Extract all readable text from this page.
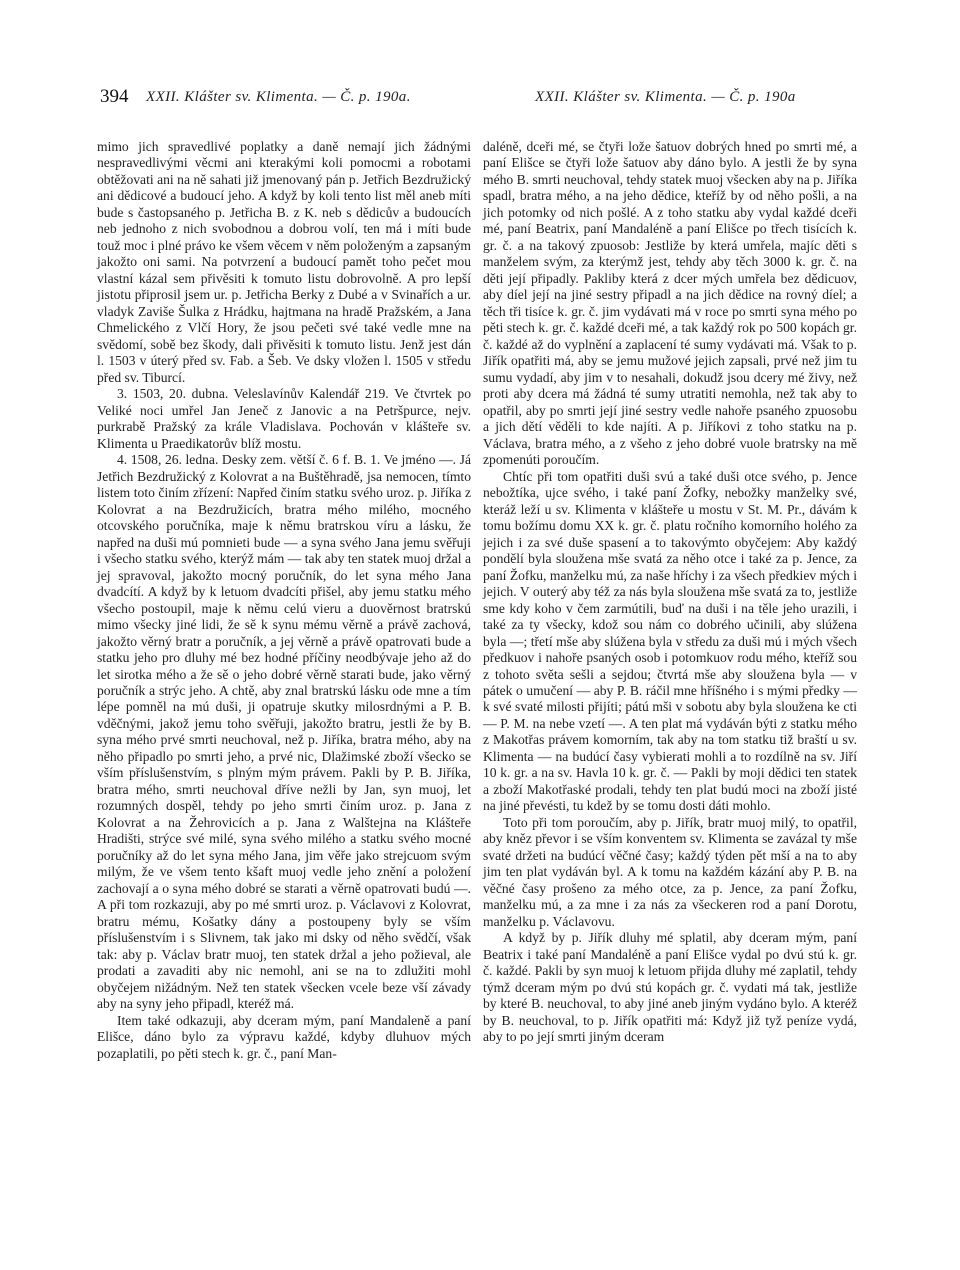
394 XXII. Klášter sv. Klimenta. — Č. p. 190a.	XXII. Klášter sv. Klimenta. — Č. p. 190a

mimo jich spravedlivé poplatky a daně nemají jich žádnými nespravedlivými věcmi ani kterakými koli pomocmi a robotami obtěžovati ani na ně sahati již jmenovaný pán p. Jetřich Bezdružický ani dědicové a budoucí jeho. A když by koli tento list měl aneb míti bude s častopsaného p. Jetřicha B. z K. neb s dědicův a budoucích neb jednoho z nich svobodnou a dobrou volí, ten má i míti bude touž moc i plné právo ke všem věcem v něm položeným a zapsaným jakožto oni sami. Na potvrzení a budoucí pamět toho pečet mou vlastní kázal sem přivěsiti k tomuto listu dobrovolně. A pro lepší jistotu připrosil jsem ur. p. Jetřicha Berky z Dubé a v Svinařích a ur. vladyk Zaviše Šulka z Hrádku, hajtmana na hradě Pražském, a Jana Chmelického z Vlčí Hory, že jsou pečeti své také vedle mne na svědomí, sobě bez škody, dali přivěsiti k tomuto listu. Jenž jest dán l. 1503 v úterý před sv. Fab. a Šeb. Ve dsky vložen l. 1505 v středu před sv. Tiburcí.

3. 1503, 20. dubna. Veleslavínův Kalendář 219. Ve čtvrtek po Veliké noci umřel Jan Jeneč z Janovic a na Petršpurce, nejv. purkrabě Pražský za krále Vladislava. Pochován v klášteře sv. Klimenta u Praedikatorův blíž mostu.

4. 1508, 26. ledna. Desky zem. větší č. 6 f. B. 1. Ve jméno —. Já Jetřich Bezdružický z Kolovrat a na Buštěhradě, jsa nemocen, tímto listem toto činím zřízení: Napřed činím statku svého uroz. p. Jiříka z Kolovrat a na Bezdružicích, bratra mého milého, mocného otcovského poručníka, maje k němu bratrskou víru a lásku, že napřed na duši mú pomnieti bude — a syna svého Jana jemu svěřuji i všecho statku svého, kterýž mám — tak aby ten statek muoj držal a jej spravoval, jakožto mocný poručník, do let syna mého Jana dvadcítí. A když by k letuom dvadcíti přišel, aby jemu statku mého všecho postoupil, maje k němu celú vieru a duověrnost bratrskú mimo všecky jiné lidi, že sě k synu mému věrně a právě zachová, jakožto věrný bratr a poručník, a jej věrně a právě opatrovati bude a statku jeho pro dluhy mé bez hodné příčiny neodbývaje jeho až do let sirotka mého a že sě o jeho dobré věrně starati bude, jako věrný poručník a strýc jeho. A chtě, aby znal bratrskú lásku ode mne a tím lépe pomněl na mú duši, ji opatruje skutky milosrdnými a P. B. vděčnými, jakož jemu toho svěřuji, jakožto bratru, jestli že by B. syna mého prvé smrti neuchoval, než p. Jiříka, bratra mého, aby na něho připadlo po smrti jeho, a prvé nic, Dlažimské zboží všecko se vším příslušenstvím, s plným mým právem. Pakli by P. B. Jiříka, bratra mého, smrti neuchoval dříve nežli by Jan, syn muoj, let rozumných dospěl, tehdy po jeho smrti činím uroz. p. Jana z Kolovrat a na Žehrovicích a p. Jana z Walštejna na Klášteře Hradišti, strýce své milé, syna svého milého a statku svého mocné poručníky až do let syna mého Jana, jim věře jako strejcuom svým milým, že ve všem tento kšaft muoj vedle jeho znění a položení zachovají a o syna mého dobré se starati a věrně opatrovati budú —. A při tom rozkazuji, aby po mé smrti uroz. p. Václavovi z Kolovrat, bratru mému, Košatky dány a postoupeny byly se vším příslušenstvím i s Slivnem, tak jako mi dsky od něho svědčí, však tak: aby p. Václav bratr muoj, ten statek držal a jeho požieval, ale prodati a zavaditi aby nic nemohl, ani se na to zdlužiti mohl obyčejem nižádným. Než ten statek všecken vcele beze vší závady aby na syny jeho připadl, kteréž má.

Item také odkazuji, aby dceram mým, paní Mandaleně a paní Elišce, dáno bylo za výpravu každé, kdyby dluhuov mých pozaplatili, po pěti stech k. gr. č., paní Man-

daléně, dceři mé, se čtyři lože šatuov dobrých hned po smrti mé, a paní Elišce se čtyři lože šatuov aby dáno bylo. A jestli že by syna mého B. smrti neuchoval, tehdy statek muoj všecken aby na p. Jiříka spadl, bratra mého, a na jeho dědice, kteříž by od něho pošli, a na jich potomky od nich pošlé. A z toho statku aby vydal každé dceři mé, paní Beatrix, paní Mandaléně a paní Elišce po třech tisících k. gr. č. a na takový zpuosob: Jestliže by která umřela, majíc děti s manželem svým, za kterýmž jest, tehdy aby těch 3000 k. gr. č. na děti její připadly. Pakliby která z dcer mých umřela bez dědicuov, aby díel její na jiné sestry připadl a na jich dědice na rovný díel; a těch tři tisíce k. gr. č. jim vydávati má v roce po smrti syna mého po pěti stech k. gr. č. každé dceři mé, a tak každý rok po 500 kopách gr. č. každé až do vyplnění a zaplacení té sumy vydávati má. Však to p. Jiřík opatřiti má, aby se jemu mužové jejich zapsali, prvé než jim tu sumu vydadí, aby jim v to nesahali, dokudž jsou dcery mé živy, než proti aby dcera má žádná té sumy utratiti nemohla, než tak aby to opatřil, aby po smrti její jiné sestry vedle nahoře psaného zpuosobu a jich dětí věděli to kde najíti. A p. Jiříkovi z toho statku na p. Václava, bratra mého, a z všeho z jeho dobré vuole bratrsky na mě zpomenúti poroučím.

Chtíc při tom opatřiti duši svú a také duši otce svého, p. Jence nebožtíka, ujce svého, i také paní Žofky, nebožky manželky své, kteráž leží u sv. Klimenta v klášteře u mostu v St. M. Pr., dávám k tomu božímu domu XX k. gr. č. platu ročního komorního holého za jejich i za své duše spasení a to takovýmto obyčejem: Aby každý pondělí byla sloužena mše svatá za něho otce i také za p. Jence, za paní Žofku, manželku mú, za naše hříchy i za všech předkiev mých i jejich. V outerý aby též za nás byla sloužena mše svatá za to, jestliže sme kdy koho v čem zarmútili, buď na duši i na těle jeho urazili, i také za ty všecky, kdož sou nám co dobrého učinili, aby slúžena byla —; třetí mše aby slúžena byla v středu za duši mú i mých všech předkuov i nahoře psaných osob i potomkuov rodu mého, kteříž sou z tohoto světa sešli a sejdou; čtvrtá mše aby sloužena byla — v pátek o umučení — aby P. B. ráčil mne hříšného i s mými předky — k své svaté milosti přijíti; pátú mši v sobotu aby byla sloužena ke cti — P. M. na nebe vzetí —. A ten plat má vydáván býti z statku mého z Makotřas právem komorním, tak aby na tom statku tiž braští u sv. Klimenta — na budúcí časy vybierati mohli a to rozdílně na sv. Jiří 10 k. gr. a na sv. Havla 10 k. gr. č. — Pakli by moji dědici ten statek a zboží Makotřaské prodali, tehdy ten plat budú moci na zboží jisté na jiné převésti, tu kdež by se tomu dosti dáti mohlo.

Toto při tom poroučím, aby p. Jiřík, bratr muoj milý, to opatřil, aby kněz převor i se vším konventem sv. Klimenta se zavázal ty mše svaté držeti na budúcí věčné časy; každý týden pět mší a na to aby jim ten plat vydáván byl. A k tomu na každém kázání aby P. B. na věčné časy prošeno za mého otce, za p. Jence, za paní Žofku, manželku mú, a za mne i za nás za všeckeren rod a paní Dorotu, manželku p. Václavovu.

A když by p. Jiřík dluhy mé splatil, aby dceram mým, paní Beatrix i také paní Mandaléně a paní Elišce vydal po dvú stú k. gr. č. každé. Pakli by syn muoj k letuom přijda dluhy mé zaplatil, tehdy týmž dceram mým po dvú stú kopách gr. č. vydati má tak, jestliže by které B. neuchoval, to aby jiné aneb jiným vydáno bylo. A kteréž by B. neuchoval, to p. Jiřík opatřiti má: Když již tyž peníze vydá, aby to po její smrti jiným dceram
